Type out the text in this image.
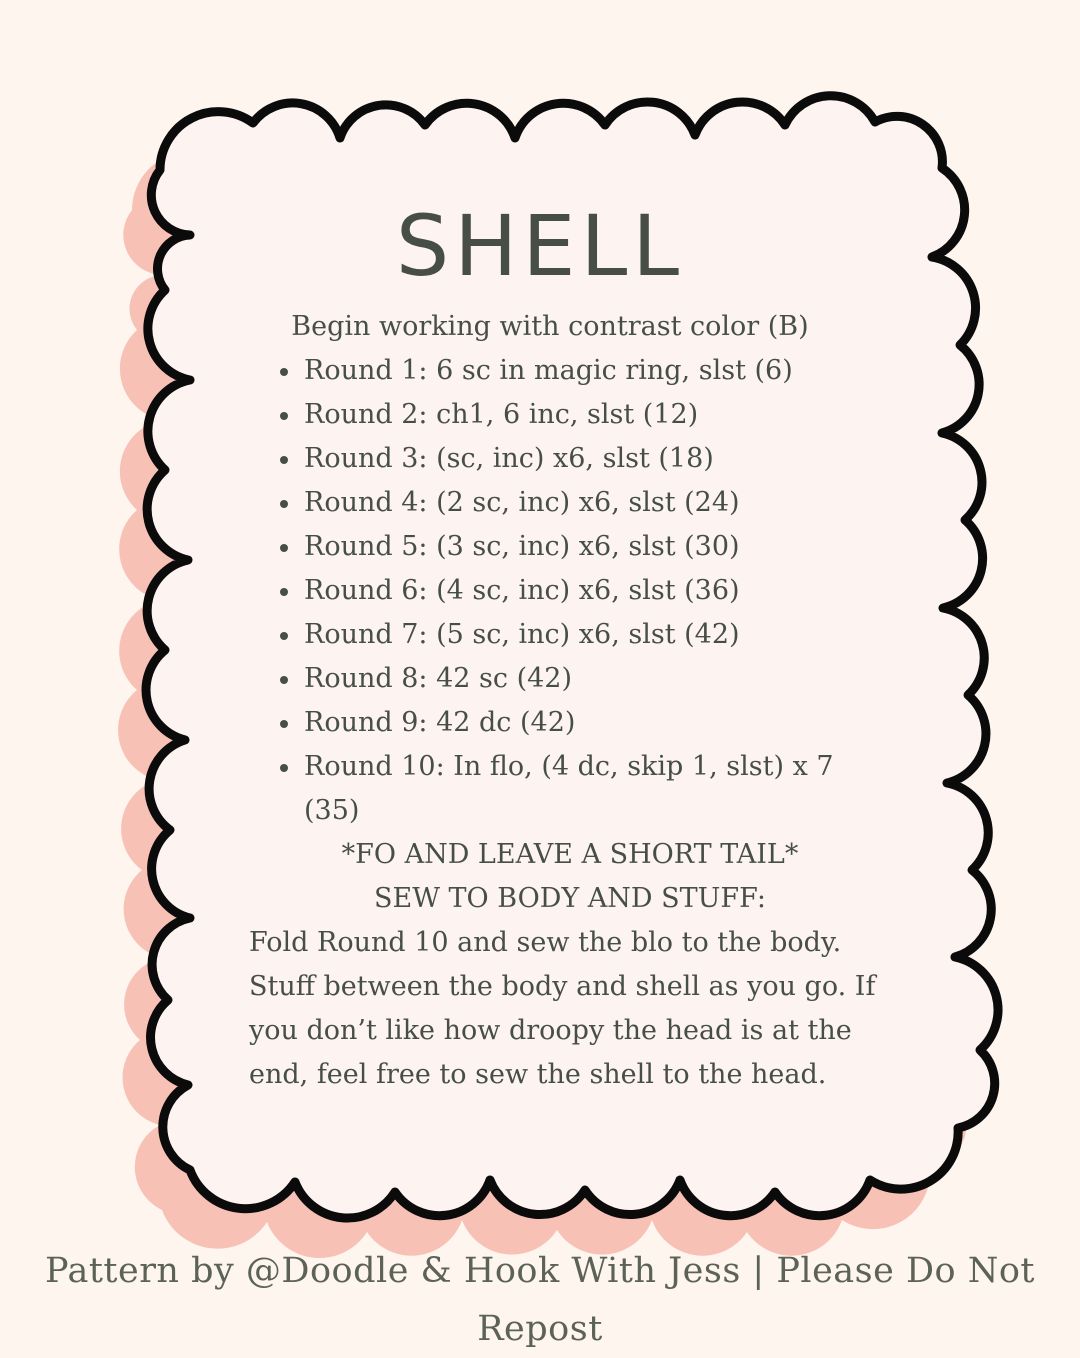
SHELL
Begin working with contrast color (B)
Round 1: 6 sc in magic ring, slst (6)
Round 2: ch1, 6 inc, slst (12)
Round 3: (sc, inc) x6, slst (18)
Round 4: (2 sc, inc) x6, slst (24)
Round 5: (3 sc, inc) x6, slst (30)
Round 6: (4 sc, inc) x6, slst (36)
Round 7: (5 sc, inc) x6, slst (42)
Round 8: 42 sc (42)
Round 9: 42 dc (42)
Round 10: In flo, (4 dc, skip 1, slst) x 7 (35)
*FO AND LEAVE A SHORT TAIL*
SEW TO BODY AND STUFF:
Fold Round 10 and sew the blo to the body. Stuff between the body and shell as you go. If you don’t like how droopy the head is at the end, feel free to sew the shell to the head.
Pattern by @Doodle & Hook With Jess | Please Do Not Repost
